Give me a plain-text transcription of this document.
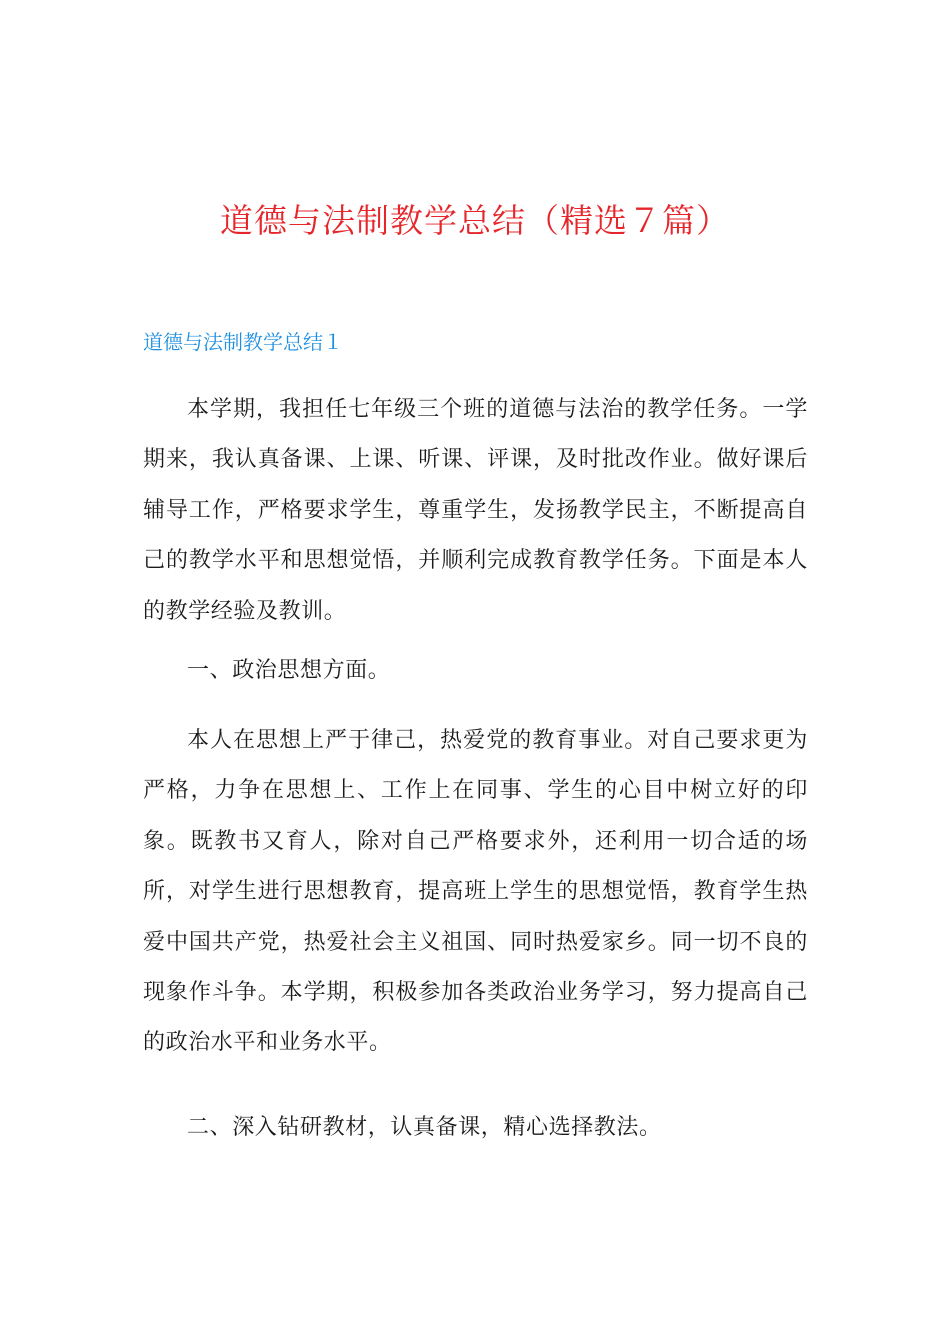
道德与法制教学总结（精选７篇）
道德与法制教学总结１

本学期，我担任七年级三个班的道德与法治的教学任务。一学期来，我认真备课、上课、听课、评课，及时批改作业。做好课后辅导工作，严格要求学生，尊重学生，发扬教学民主，不断提高自己的教学水平和思想觉悟，并顺利完成教育教学任务。下面是本人的教学经验及教训。

一、政治思想方面。

本人在思想上严于律己，热爱党的教育事业。对自己要求更为严格，力争在思想上、工作上在同事、学生的心目中树立好的印象。既教书又育人，除对自己严格要求外，还利用一切合适的场所，对学生进行思想教育，提高班上学生的思想觉悟，教育学生热爱中国共产党，热爱社会主义祖国、同时热爱家乡。同一切不良的现象作斗争。本学期，积极参加各类政治业务学习，努力提高自己的政治水平和业务水平。

二、深入钻研教材，认真备课，精心选择教法。
